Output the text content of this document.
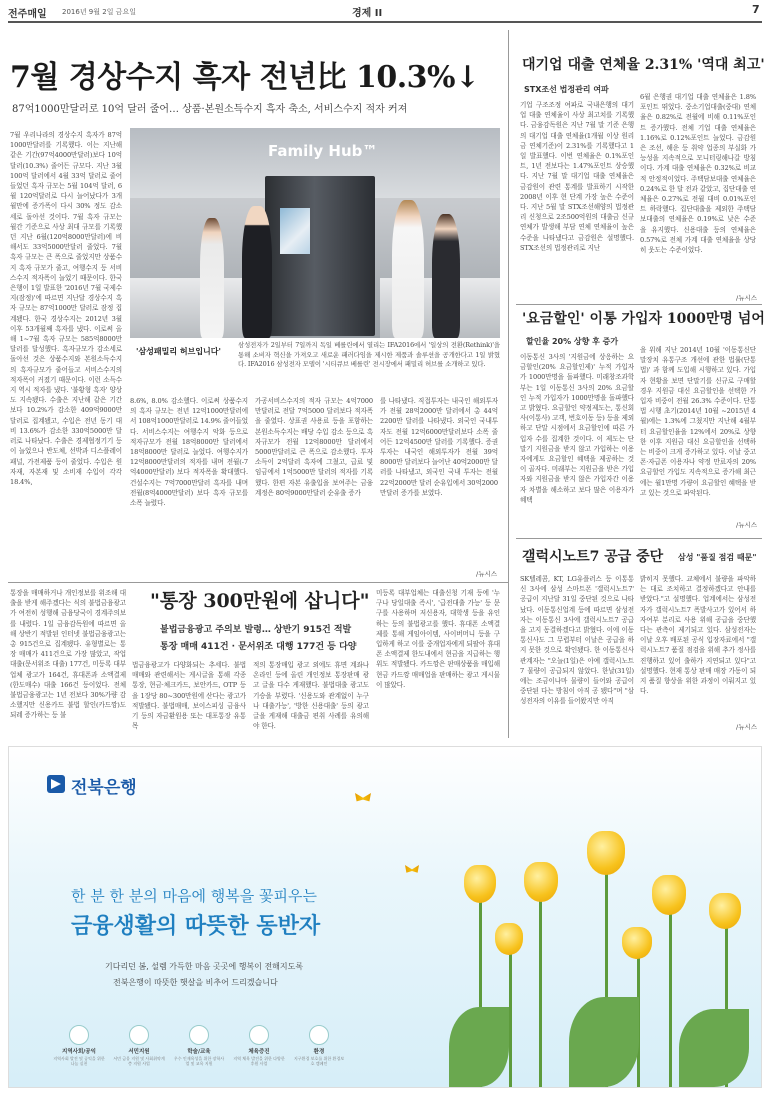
전주매일 2016년 9월 2일 금요일	경제 II	7
7월 경상수지 흑자 전년比 10.3%↓
87억1000만달러로 10억 달러 줄어… 상품·본원소득수지 흑자 축소, 서비스수지 적자 커져
7월 우리나라의 경상수지 흑자가 87억1000만달러를 기록했다. 이는 지난해 같은 기간(97억4000만달러)보다 10억 달러(10.3%) 줄어든 규모다. 지난 3월 100억 달러에서 4월 33억 달러로 줄어들었던 흑자 규모는 5월 104억 달러, 6월 120억달러로 다시 늘어났다가 3개월만에 증가폭이 다시 30% 정도 감소세로 돌아선 것이다. 7월 흑자 규모는 월간 기준으로 사상 최대 규모를 기록했던 지난 6월(120억8000만달러)에 비해서도 33억5000만달러 줄었다. 7월 흑자 규모는 큰 폭으로 줄었지만 상품수지 흑자 규모가 줄고, 여행수지 등 서비스수지 적자폭이 늘었기 때문이다. 한국은행이 1일 발표한 '2016년 7월 국제수지(잠정)'에 따르면 지난달 경상수지 흑자 규모는 87억1000만 달러로 잠정 집계됐다. 한국 경상수지는 2012년 3월 이후 53개월째 흑자를 냈다. 이로써 올해 1~7월 흑자 규모는 585억8000만 달러를 달성했다. 흑자규모가 감소세로 돌아선 것은 상품수지와 본원소득수지의 흑자규모가 줄어들고 서비스수지의 적자폭이 커졌기 때문이다. 이런 소득수지 역시 적자를 냈다. '불황형 흑자' 양상도 지속됐다. 수출은 지난해 같은 기간보다 10.2%가 감소한 409억9000만 달러로 집계됐고, 수입은 전년 동기 대비 13.6%가 감소한 330억5000만 달러로 나타났다. 수출은 경제협정기기 등이 늘었으나 반도체, 선박과 디스플레이 패널, 가전제품 등이 줄었다. 수입은 원자재, 자본재 및 소비재 수입이 각각 18.4%,
Family Hub™
'삼성패밀리 허브입니다'
삼성전자가 2일부터 7일까지 독일 베를린에서 열리는 IFA2016에서 '일상의 전환(Rethink)'을 통해 소비자 혁신을 가져오고 새로운 패러다임을 제시한 제품과 솔루션을 공개한다고 1일 밝혔다. IFA2016 삼성전자 모델이 '시티큐브 베를린' 전시장에서 패밀리 허브를 소개하고 있다.
8.6%, 8.0% 감소했다. 이로써 상품수지의 흑자 규모는 전년 12억1000만달러에서 108억1000만달러로 14.9% 줄어들었다. 서비스수지는 여행수지 악화 등으로 적자규모가 전월 18억8000만 달러에서 18억8000만 달러로 늘었다. 여행수지가 12억8000만달러의 적자를 내며 전월(-7억4000만달러) 보다 적자폭을 확대했다. 건설수지는 7억7000만달러 흑자를 내며 전월(8억4000만달러) 보다 흑자 규모를 소폭 늘렸다.
가공서비스수지의 적자 규모는 4억7000만달러로 전달 7억5000 달러보다 적자폭을 줄였다. 상표권 사용료 등을 포함하는 본원소득수지는 배당 수입 감소 등으로 흑자규모가 전월 12억8000만 달러에서 5000만달러로 큰 폭으로 감소했다. 투자소득이 2억달러 흑자에 그쳤고, 급료 및 임금에서 1억5000만 달러의 적자를 기록했다. 한편 자본 유출입을 보여주는 금융계정은 80억9000만달러 순유출 증가
를 나타냈다. 직접투자는 내국인 해외투자가 전월 28억2000만 달러에서 총 44억 2200만 달러를 나타냈다. 외국인 국내투자도 전월 12억6000만달러보다 소폭 줄어든 12억4500만 달러를 기록했다. 증권투자는 내국인 해외투자가 전월 39억8000만 달러보다 늘어난 40억2000만 달러를 나타냈고, 외국인 국내 투자는 전월 22억2000만 달러 순유입에서 30억2000만달러 증가를 보였다.
/뉴시스
대기업 대출 연체율 2.31% '역대 최고'
STX조선 법정관리 여파
기업 구조조정 여파로 국내은행의 대기업 대출 연체율이 사상 최고치를 기록했다. 금융감독원은 지난 7월 말 기준 은행의 대기업 대출 연체율(1개월 이상 원리금 연체기준)이 2.31%를 기록했다고 1일 발표했다. 이번 연체율은 0.1%포인트, 1년 전보다는 1.47%포인트 상승했다. 지난 7월 말 대기업 대출 연체율은 금감원이 관련 통계를 발표하기 시작한 2008년 이후 현 단계 가장 높은 수준이다. 지난 5월 말 STX조선해양의 법정관리 신청으로 2조500억원의 대출금 신규연체가 발생해 부담 연체 연체율이 높은 수준을 나타냈다고 금감원은 설명했다. STX조선의 법정관리로 지난
6월 은행권 대기업 대출 연체율은 1.8%포인트 뛰었다. 중소기업대출(중대) 연체율은 0.82%로 전월에 비해 0.11%포인트 증가했다. 전체 기업 대출 연체율은 1.16%로 0.12%포인트 늘었다. 금감원은 조선, 해운 등 취약 업종의 부실화 가능성을 지속적으로 모니터링해나갈 방침이다. 가계 대출 연체율은 0.32%로 비교적 안정적이었다. 주택담보대출 연체율은 0.24%로 한 달 전과 같았고, 집단대출 연체율은 0.27%로 전월 대비 0.01%포인트 하락했다. 집단대출을 제외한 주택담보대출의 연체율은 0.19%로 낮은 수준을 유지했다. 신용대출 등의 연체율은 0.57%로 전체 가계 대출 연체율을 상당히 웃도는 수준이었다.
/뉴시스
'요금할인' 이통 가입자 1000만명 넘어
할인율 20% 상향 후 증가
이동통신 3사의 '지원금에 상응하는 요금할인(20% 요금할인제)' 누적 가입자가 1000만명을 돌파했다. 미래창조과학부는 1일 이동통신 3사의 20% 요금할인 누적 가입자가 1000만명을 돌파했다고 밝혔다. 요금할인 약정제도는, 통신회사(이통사) 고객, 번호이동 등) 등을 제외하고 단말 시점에서 요금할인에 따른 가입자 수를 집계한 것이다. 이 제도는 단말기 지원금을 받지 않고 가입하는 이용자에게도 요금할인 혜택을 제공하는 것이 골자다. 미래부는 지원금을 받은 가입자와 지원금을 받지 않은 가입자간 이용자 차별을 해소하고 보다 많은 이용자가 혜택
을 위해 지난 2014년 10월 '이동통신단말장치 유통구조 개선에 관한 법률(단통법)' 과 함께 도입해 시행하고 있다. 가입자 현황을 보면 단말기를 신규로 구매할 경우 지원금 대신 요금할인을 선택한 가입자 비중이 전월 26.3% 수준이다. 단통법 시행 초기(2014년 10월 ~2015년 4월)에는 1.3%에 그쳤지만 지난해 4월부터 요금할인율을 12%에서 20%로 상향한 이후 지원금 대신 요금할인을 선택하는 비중이 크게 증가하고 있다. 이날 중고폰·자급폰 이용자나 약정 만료자의 20% 요금할인 가입도 지속적으로 증가해 최근에는 월1만명 가량이 요금할인 혜택을 받고 있는 것으로 파악된다.
/뉴시스
갤럭시노트7 공급 중단 삼성 "품질 점검 때문"
SK텔레콤, KT, LG유플러스 등 이통통신 3사에 삼성 스마트폰 '갤럭시노트7' 공급이 지난달 31일 중단된 것으로 나타났다. 이동통신업계 등에 따르면 삼성전자는 이동통신 3사에 갤럭시노트7 공급을 고지 동결하겠다고 밝혔다. 이에 이동통신사도 그 무렵부터 이날은 공급을 하지 못한 것으로 확인됐다. 한 이동통신사 관계자는 "오늘(1일)은 아예 갤럭시노트7 물량이 공급되지 않았다. 한날(31일)에는 조금이나마 물량이 들어와 공급이 중단된 다는 방침이 아직 공 됐다"며 "삼성전자의 이유를 들어왔지만 아직
밝히지 못했다. 교체에서 불량을 파악하는 대로 조치하고 결정하겠다고 안내를 받았다."고 설명했다. 업계에서는 삼성전자가 갤럭시노트7 폭발사고가 있어서 하자여부 분리로 사용 위해 공급을 중단했다는 관측이 제기되고 있다. 삼성전자는 이날 오후 배포된 공식 입장자료에서 "갤럭시노트7 품질 점검을 위해 추가 정사를 진행하고 있어 출하가 지연되고 있다"고 설명했다. 현재 통상 판매 매장 가동이 되지 품질 향상을 위한 과정이 이뤄지고 있다.
/뉴시스
통장을 매매하거나 개인정보를 위조해 대출을 받게 해주겠다는 식의 불법금융광고가 여전히 성행해 금융당국이 경계주의보를 내렸다. 1일 금융감독원에 따르면 올해 상반기 적발된 인터넷 불법금융광고는 총 915건으로 집계됐다. 유형별로는 통장 매매가 411건으로 가장 많았고, 작업대출(문서위조 대출) 177건, 미등록 대부업체 광고가 164건, 휴대폰과 소액결제(한도매수) 대출 166건 등이었다. 전체 불법금융광고는 1년 전보다 30%가량 감소했지만 신용카드 불법 할인(카드깡)도 되레 증가하는 등 불
"통장 300만원에 삽니다"
불법금융광고 주의보 발령… 상반기 915건 적발
통장 매매 411건 · 문서위조 대행 177건 등 다양
법금융광고가 다양화되는 추세다. 불법매매와 관련해서는 게시글을 통해 각종 통장, 현금·체크카드, 보안카드, OTP 등을 1장당 80~300만원에 산다는 광고가 적발됐다. 불법매매, 보이스피싱 금융사기 등의 자금환원용 또는 대포통장 유통목
적의 통장매입 광고 외에도 휴면 계좌나 온라인 등에 올린 개인정보 통장판매 광고 글을 다수 게재했다. 불법대출 광고도 기승을 부렸다. '신용도와 관계없이 누구나 대출가능', '방한 신용대출' 등의 광고글을 게재해 대출금 편취 사례를 유의해야 한다.
미등록 대부업체는 대출신청 기재 등에 '누구나 당일대출 즉시', '급전대출 가능' 등 문구를 사용하며 저신용자, 대학생 등을 유인하는 등의 불법광고를 했다. 휴대폰 소액결제를 통해 게임아이템, 사이버머니 등을 구입하게 하고 이를 중개업자에게 되팔아 휴대폰 소액결제 한도내에서 현금을 지급하는 행위도 적발됐다. 카드깡은 판매상품을 매입해 현금 카드깡 매매업을 판매하는 광고 게시물이 많았다.
전북은행
한 분 한 분의 마음에 행복을 꽃피우는
금융생활의 따뜻한 동반자
기다리던 봄, 설렘 가득한 마음 곳곳에 행복이 전해지도록
전북은행이 따뜻한 햇살을 비추어 드리겠습니다
지역사회/공익
지역사회 발전 및 공익을 위한 나눔 실천
서민지원
서민 금융 지원 및 사회취약계층 지원 사업
학술/교육
우수 인재육성을 위한 장학사업 및 교육 지원
체육증진
지역 체육 발전을 위한 다양한 후원 사업
환경
지구환경 보호를 위한 환경보호 캠페인
